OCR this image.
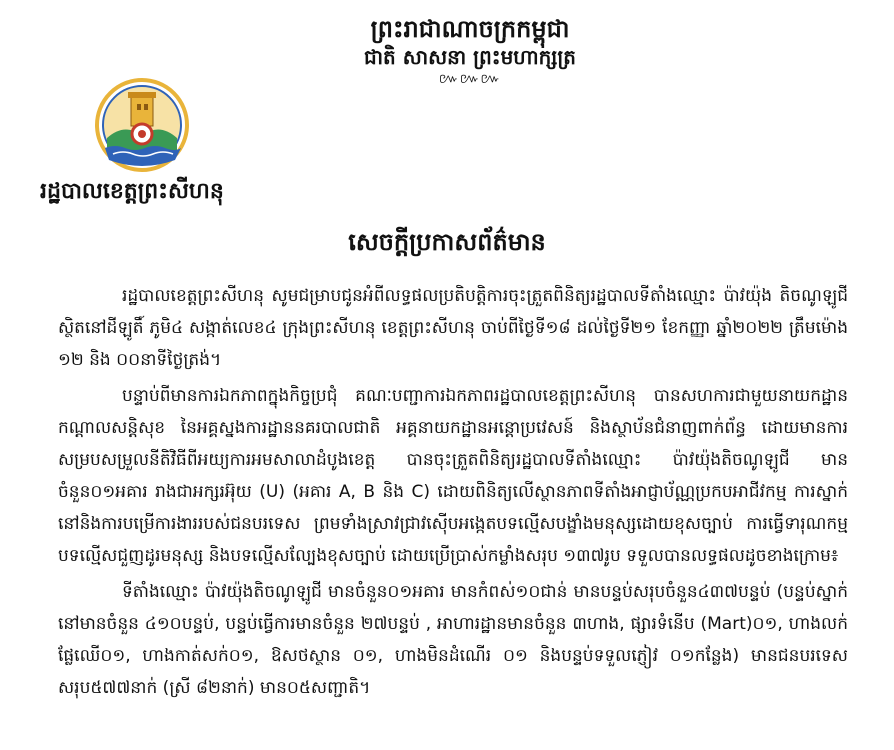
ព្រះរាជាណាចក្រកម្ពុជា
ជាតិ សាសនា ព្រះមហាក្សត្រ
៚៚៚
រដ្ឋបាលខេត្តព្រះសីហនុ
សេចក្តីប្រកាសព័ត៌មាន

រដ្ឋបាលខេត្តព្រះសីហនុ សូមជម្រាបជូនអំពីលទ្ធផលប្រតិបត្តិការចុះត្រួតពិនិត្យរដ្ឋបាលទីតាំងឈ្មោះ ប៉ាវយ៉ុង តិចណូឡូជី ស្ថិតនៅដីឡូតិ៍ ភូមិ៤ សង្កាត់លេខ៤ ក្រុងព្រះសីហនុ ខេត្តព្រះសីហនុ ចាប់ពីថ្ងៃទី១៨ ដល់ថ្ងៃទី២១ ខែកញ្ញា ឆ្នាំ២០២២ ត្រឹមម៉ោង ១២ និង ០០នាទីថ្ងៃត្រង់។

បន្ទាប់ពីមានការឯកភាពក្នុងកិច្ចប្រជុំ គណៈបញ្ជាការឯកភាពរដ្ឋបាលខេត្តព្រះសីហនុ បានសហការជាមួយនាយកដ្ឋានកណ្តាលសន្តិសុខ នៃអគ្គស្នងការដ្ឋាននគរបាលជាតិ អគ្គនាយកដ្ឋានអន្តោប្រវេសន៍ និងស្ថាប័នជំនាញពាក់ព័ន្ធ ដោយមានការសម្របសម្រួលនីតិវិធីពីអយ្យការអមសាលាដំបូងខេត្ត បានចុះត្រួតពិនិត្យរដ្ឋបាលទីតាំងឈ្មោះ ប៉ាវយ៉ុងតិចណូឡូជី មានចំនួន០១អគារ រាងជាអក្សរអ៊ុយ (U) (អគារ A, B និង C) ដោយពិនិត្យលើស្ថានភាពទីតាំងអាជ្ញាប័ណ្ណប្រកបអាជីវកម្ម ការស្នាក់នៅនិងការបម្រើការងាររបស់ជនបរទេស ព្រមទាំងស្រាវជ្រាវស៊ើបអង្កេតបទល្មើសបង្ខាំងមនុស្សដោយខុសច្បាប់ ការធ្វើទារុណកម្ម បទល្មើសជួញដូរមនុស្ស និងបទល្មើសល្បែងខុសច្បាប់ ដោយប្រើប្រាស់កម្លាំងសរុប ១៣៧រូប ទទួលបានលទ្ធផលដូចខាងក្រោម៖

ទីតាំងឈ្មោះ ប៉ាវយ៉ុងតិចណូឡូជី មានចំនួន០១អគារ មានកំពស់១០ជាន់ មានបន្ទប់សរុបចំនួន៤៣៧បន្ទប់ (បន្ទប់ស្នាក់នៅមានចំនួន ៤១០បន្ទប់, បន្ទប់ធ្វើការមានចំនួន ២៧បន្ទប់ , អាហារដ្ឋានមានចំនួន ៣ហាង, ផ្សារទំនើប (Mart)០១, ហាងលក់ផ្លែឈើ០១, ហាងកាត់សក់០១, ឱសថស្ថាន ០១, ហាងមិនដំណើរ ០១ និងបន្ទប់ទទួលភ្ញៀវ ០១កន្លែង) មានជនបរទេសសរុប៥៧៧នាក់ (ស្រី ៨២នាក់) មាន០៥សញ្ជាតិ។
